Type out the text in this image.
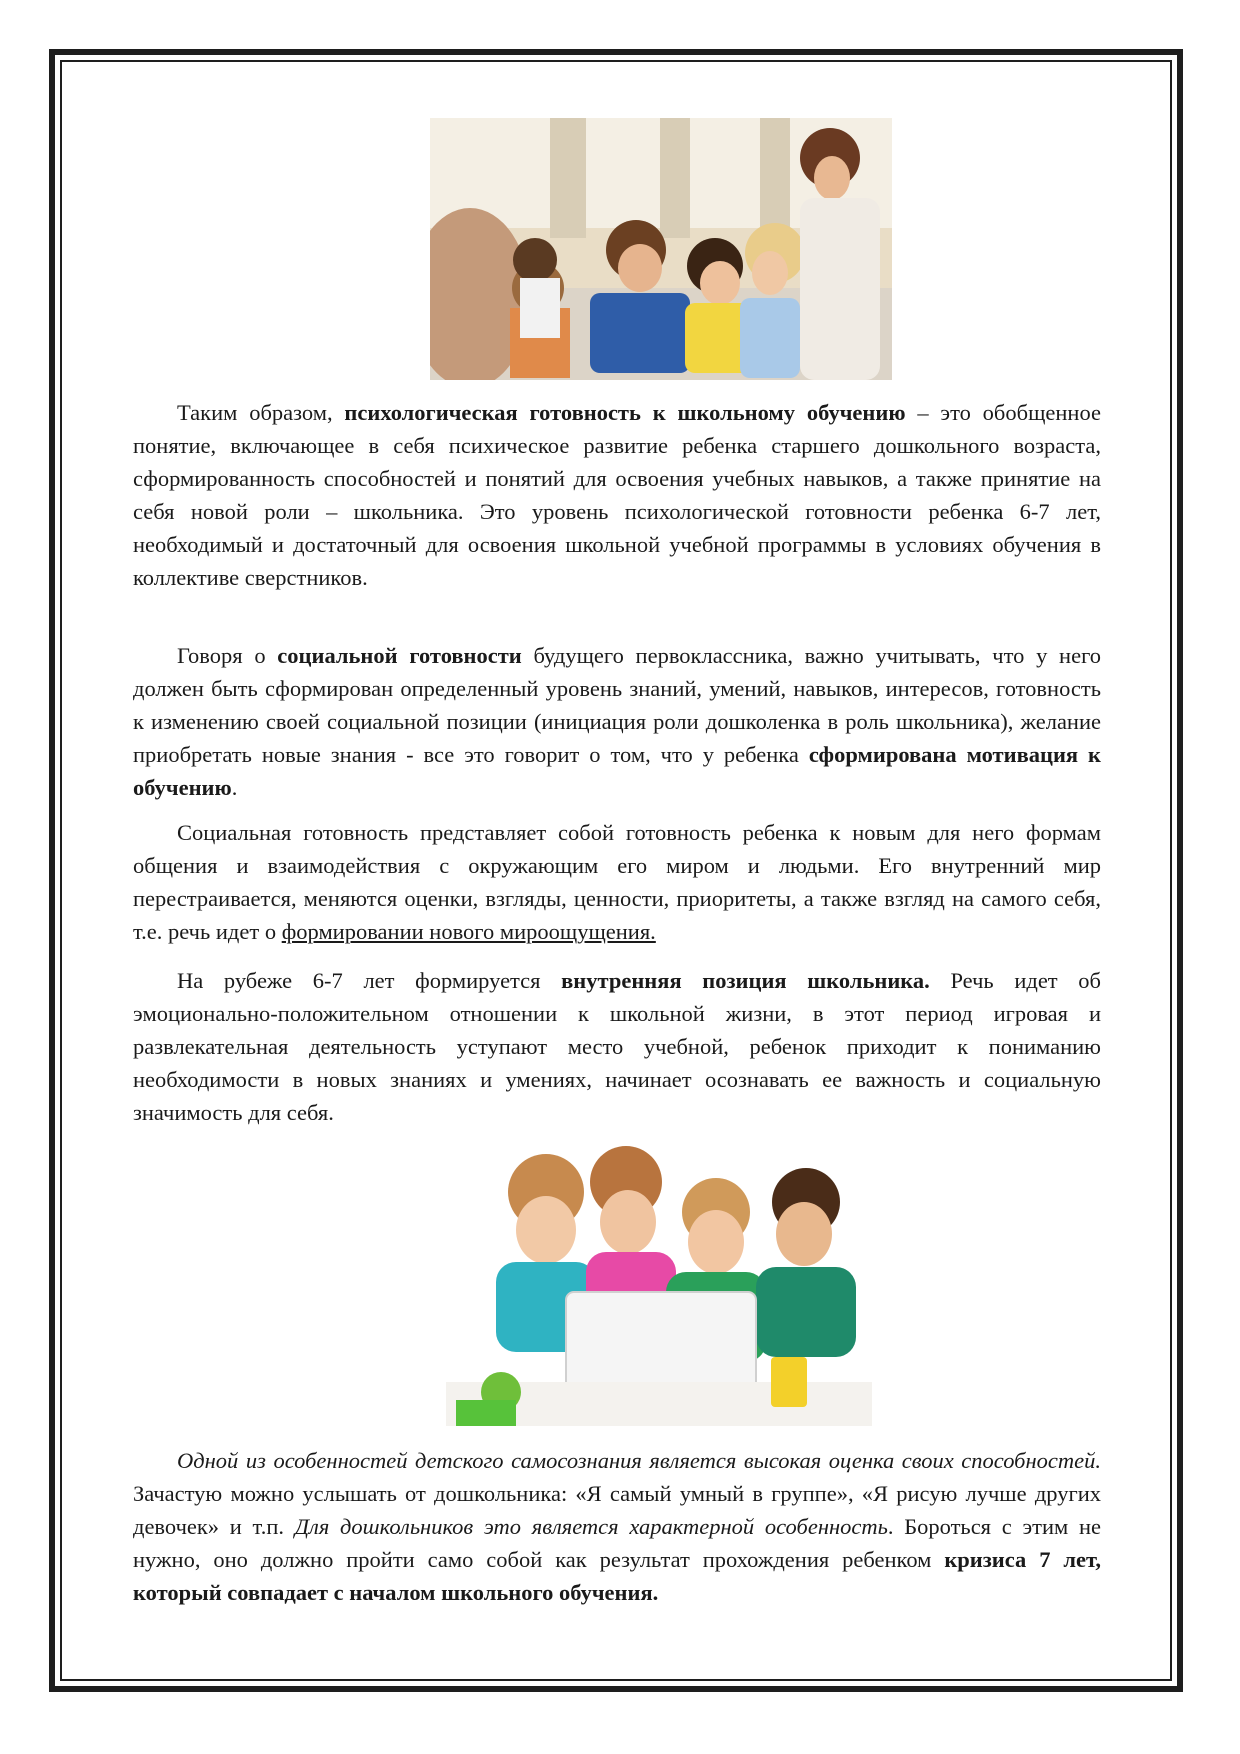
Таким образом, психологическая готовность к школьному обучению – это обобщенное понятие, включающее в себя психическое развитие ребенка старшего дошкольного возраста, сформированность способностей и понятий для освоения учебных навыков, а также принятие на себя новой роли – школьника. Это уровень психологической готовности ребенка 6-7 лет, необходимый и достаточный для освоения школьной учебной программы в условиях обучения в коллективе сверстников.

Говоря о социальной готовности будущего первоклассника, важно учитывать, что у него должен быть сформирован определенный уровень знаний, умений, навыков, интересов, готовность к изменению своей социальной позиции (инициация роли дошколенка в роль школьника), желание приобретать новые знания - все это говорит о том, что у ребенка сформирована мотивация к обучению.

Социальная готовность представляет собой готовность ребенка к новым для него формам общения и взаимодействия с окружающим его миром и людьми. Его внутренний мир перестраивается, меняются оценки, взгляды, ценности, приоритеты, а также взгляд на самого себя, т.е. речь идет о формировании нового мироощущения.

На рубеже 6-7 лет формируется внутренняя позиция школьника. Речь идет об эмоционально-положительном отношении к школьной жизни, в этот период игровая и развлекательная деятельность уступают место учебной, ребенок приходит к пониманию необходимости в новых знаниях и умениях, начинает осознавать ее важность и социальную значимость для себя.

Одной из особенностей детского самосознания является высокая оценка своих способностей. Зачастую можно услышать от дошкольника: «Я самый умный в группе», «Я рисую лучше других девочек» и т.п. Для дошкольников это является характерной особенность. Бороться с этим не нужно, оно должно пройти само собой как результат прохождения ребенком кризиса 7 лет, который совпадает с началом школьного обучения.
